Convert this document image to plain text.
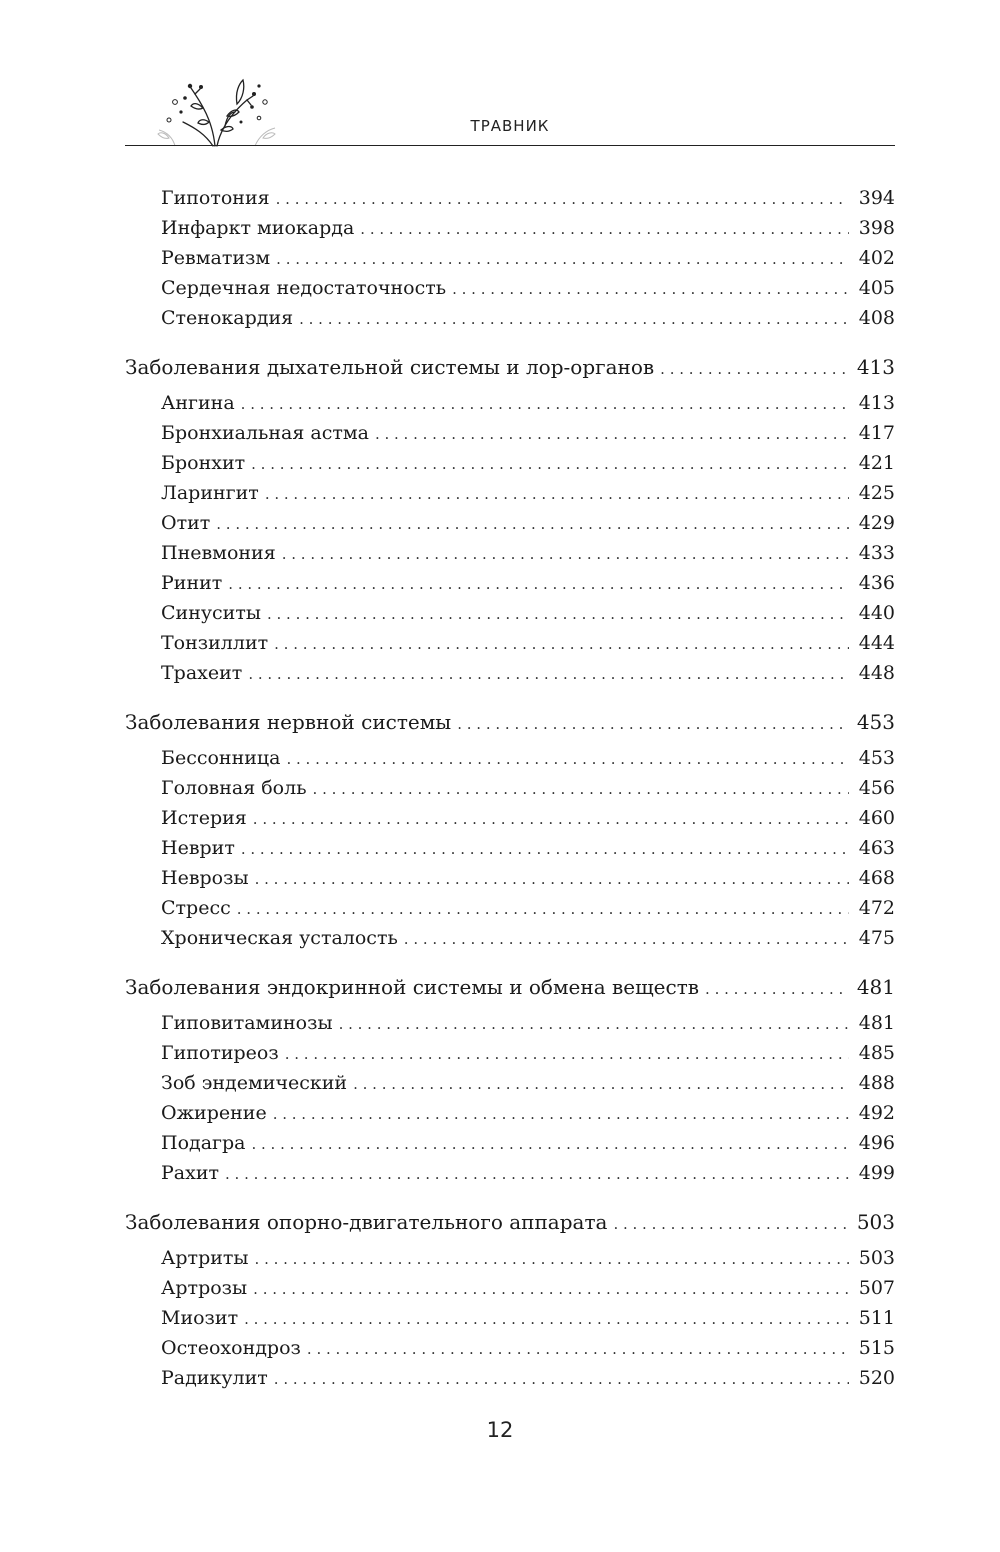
ТРАВНИК
Гипотония . . .	394
Инфаркт миокарда . . .	398
Ревматизм . . .	402
Сердечная недостаточность . . .	405
Стенокардия . . .	408
Заболевания дыхательной системы и лор-органов . . .	413
Ангина . . .	413
Бронхиальная астма . . .	417
Бронхит . . .	421
Ларингит . . .	425
Отит . . .	429
Пневмония . . .	433
Ринит . . .	436
Синуситы . . .	440
Тонзиллит . . .	444
Трахеит . . .	448
Заболевания нервной системы . . .	453
Бессонница . . .	453
Головная боль . . .	456
Истерия . . .	460
Неврит . . .	463
Неврозы . . .	468
Стресс . . .	472
Хроническая усталость . . .	475
Заболевания эндокринной системы и обмена веществ . . .	481
Гиповитаминозы . . .	481
Гипотиреоз . . .	485
Зоб эндемический . . .	488
Ожирение . . .	492
Подагра . . .	496
Рахит . . .	499
Заболевания опорно-двигательного аппарата . . .	503
Артриты . . .	503
Артрозы . . .	507
Миозит . . .	511
Остеохондроз . . .	515
Радикулит . . .	520
12
